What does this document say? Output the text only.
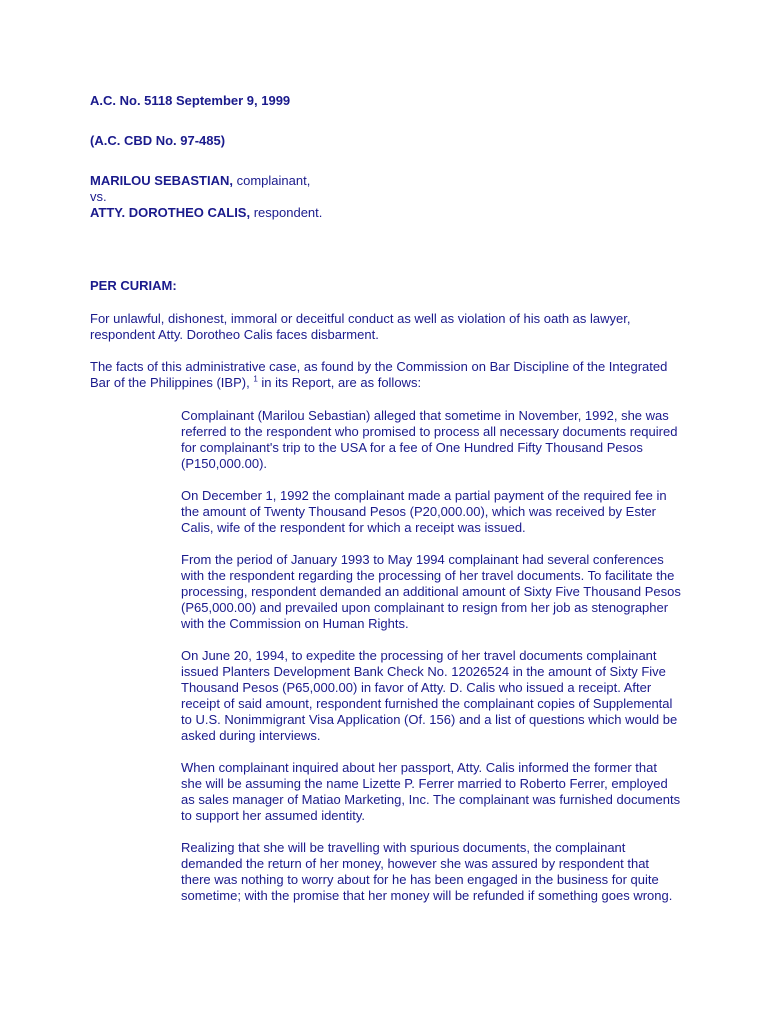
A.C. No. 5118 September 9, 1999

(A.C. CBD No. 97-485)

MARILOU SEBASTIAN, complainant,
vs.
ATTY. DOROTHEO CALIS, respondent.

PER CURIAM:

For unlawful, dishonest, immoral or deceitful conduct as well as violation of his oath as lawyer, respondent Atty. Dorotheo Calis faces disbarment.

The facts of this administrative case, as found by the Commission on Bar Discipline of the Integrated Bar of the Philippines (IBP), $^1$ in its Report, are as follows:

Complainant (Marilou Sebastian) alleged that sometime in November, 1992, she was referred to the respondent who promised to process all necessary documents required for complainant's trip to the USA for a fee of One Hundred Fifty Thousand Pesos (P150,000.00).

On December 1, 1992 the complainant made a partial payment of the required fee in the amount of Twenty Thousand Pesos (P20,000.00), which was received by Ester Calis, wife of the respondent for which a receipt was issued.

From the period of January 1993 to May 1994 complainant had several conferences with the respondent regarding the processing of her travel documents. To facilitate the processing, respondent demanded an additional amount of Sixty Five Thousand Pesos (P65,000.00) and prevailed upon complainant to resign from her job as stenographer with the Commission on Human Rights.

On June 20, 1994, to expedite the processing of her travel documents complainant issued Planters Development Bank Check No. 12026524 in the amount of Sixty Five Thousand Pesos (P65,000.00) in favor of Atty. D. Calis who issued a receipt. After receipt of said amount, respondent furnished the complainant copies of Supplemental to U.S. Nonimmigrant Visa Application (Of. 156) and a list of questions which would be asked during interviews.

When complainant inquired about her passport, Atty. Calis informed the former that she will be assuming the name Lizette P. Ferrer married to Roberto Ferrer, employed as sales manager of Matiao Marketing, Inc. The complainant was furnished documents to support her assumed identity.

Realizing that she will be travelling with spurious documents, the complainant demanded the return of her money, however she was assured by respondent that there was nothing to worry about for he has been engaged in the business for quite sometime; with the promise that her money will be refunded if something goes wrong.
